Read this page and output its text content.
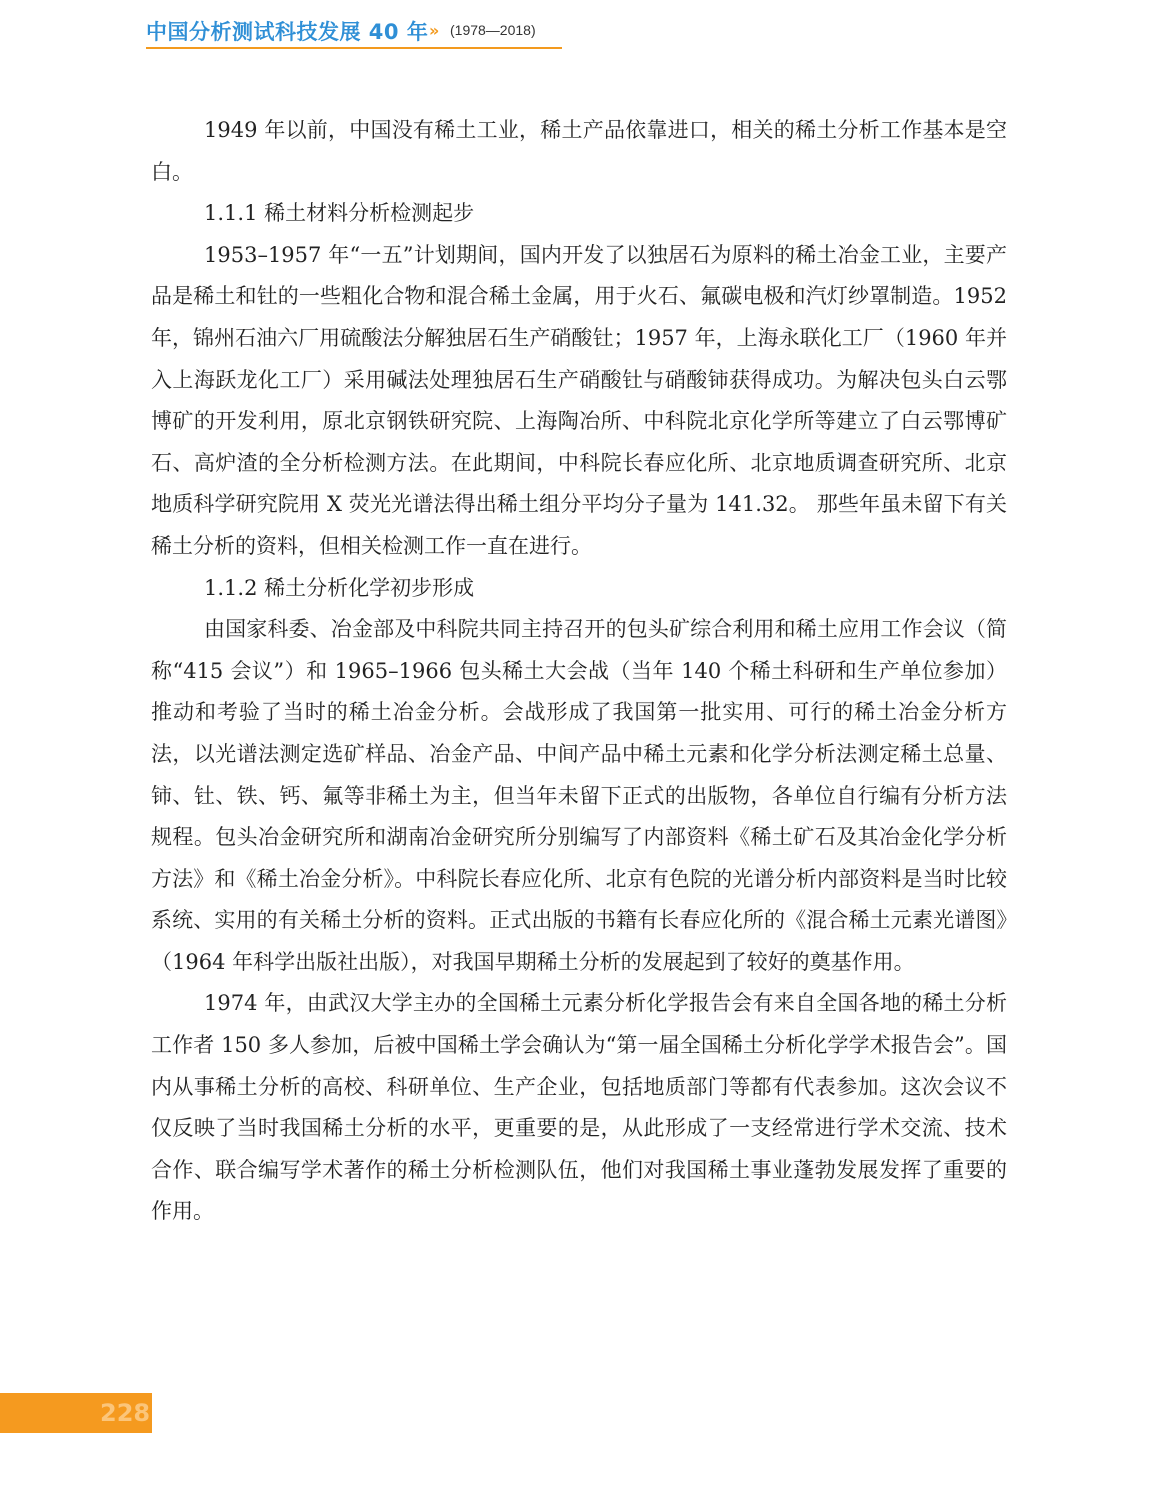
中国分析测试科技发展 40 年 » (1978—2018)

1949 年以前，中国没有稀土工业，稀土产品依靠进口，相关的稀土分析工作基本是空白。

1.1.1 稀土材料分析检测起步

1953–1957 年“一五”计划期间，国内开发了以独居石为原料的稀土冶金工业，主要产品是稀土和钍的一些粗化合物和混合稀土金属，用于火石、氟碳电极和汽灯纱罩制造。1952 年，锦州石油六厂用硫酸法分解独居石生产硝酸钍；1957 年，上海永联化工厂（1960 年并入上海跃龙化工厂）采用碱法处理独居石生产硝酸钍与硝酸铈获得成功。为解决包头白云鄂博矿的开发利用，原北京钢铁研究院、上海陶冶所、中科院北京化学所等建立了白云鄂博矿石、高炉渣的全分析检测方法。在此期间，中科院长春应化所、北京地质调查研究所、北京地质科学研究院用 X 荧光光谱法得出稀土组分平均分子量为 141.32。 那些年虽未留下有关稀土分析的资料，但相关检测工作一直在进行。

1.1.2 稀土分析化学初步形成

由国家科委、冶金部及中科院共同主持召开的包头矿综合利用和稀土应用工作会议（简称“415 会议”）和 1965–1966 包头稀土大会战（当年 140 个稀土科研和生产单位参加）推动和考验了当时的稀土冶金分析。会战形成了我国第一批实用、可行的稀土冶金分析方法，以光谱法测定选矿样品、冶金产品、中间产品中稀土元素和化学分析法测定稀土总量、铈、钍、铁、钙、氟等非稀土为主，但当年未留下正式的出版物，各单位自行编有分析方法规程。包头冶金研究所和湖南冶金研究所分别编写了内部资料《稀土矿石及其冶金化学分析方法》和《稀土冶金分析》。中科院长春应化所、北京有色院的光谱分析内部资料是当时比较系统、实用的有关稀土分析的资料。正式出版的书籍有长春应化所的《混合稀土元素光谱图》（1964 年科学出版社出版），对我国早期稀土分析的发展起到了较好的奠基作用。

1974 年，由武汉大学主办的全国稀土元素分析化学报告会有来自全国各地的稀土分析工作者 150 多人参加，后被中国稀土学会确认为“第一届全国稀土分析化学学术报告会”。国内从事稀土分析的高校、科研单位、生产企业，包括地质部门等都有代表参加。这次会议不仅反映了当时我国稀土分析的水平，更重要的是，从此形成了一支经常进行学术交流、技术合作、联合编写学术著作的稀土分析检测队伍，他们对我国稀土事业蓬勃发展发挥了重要的作用。

228
